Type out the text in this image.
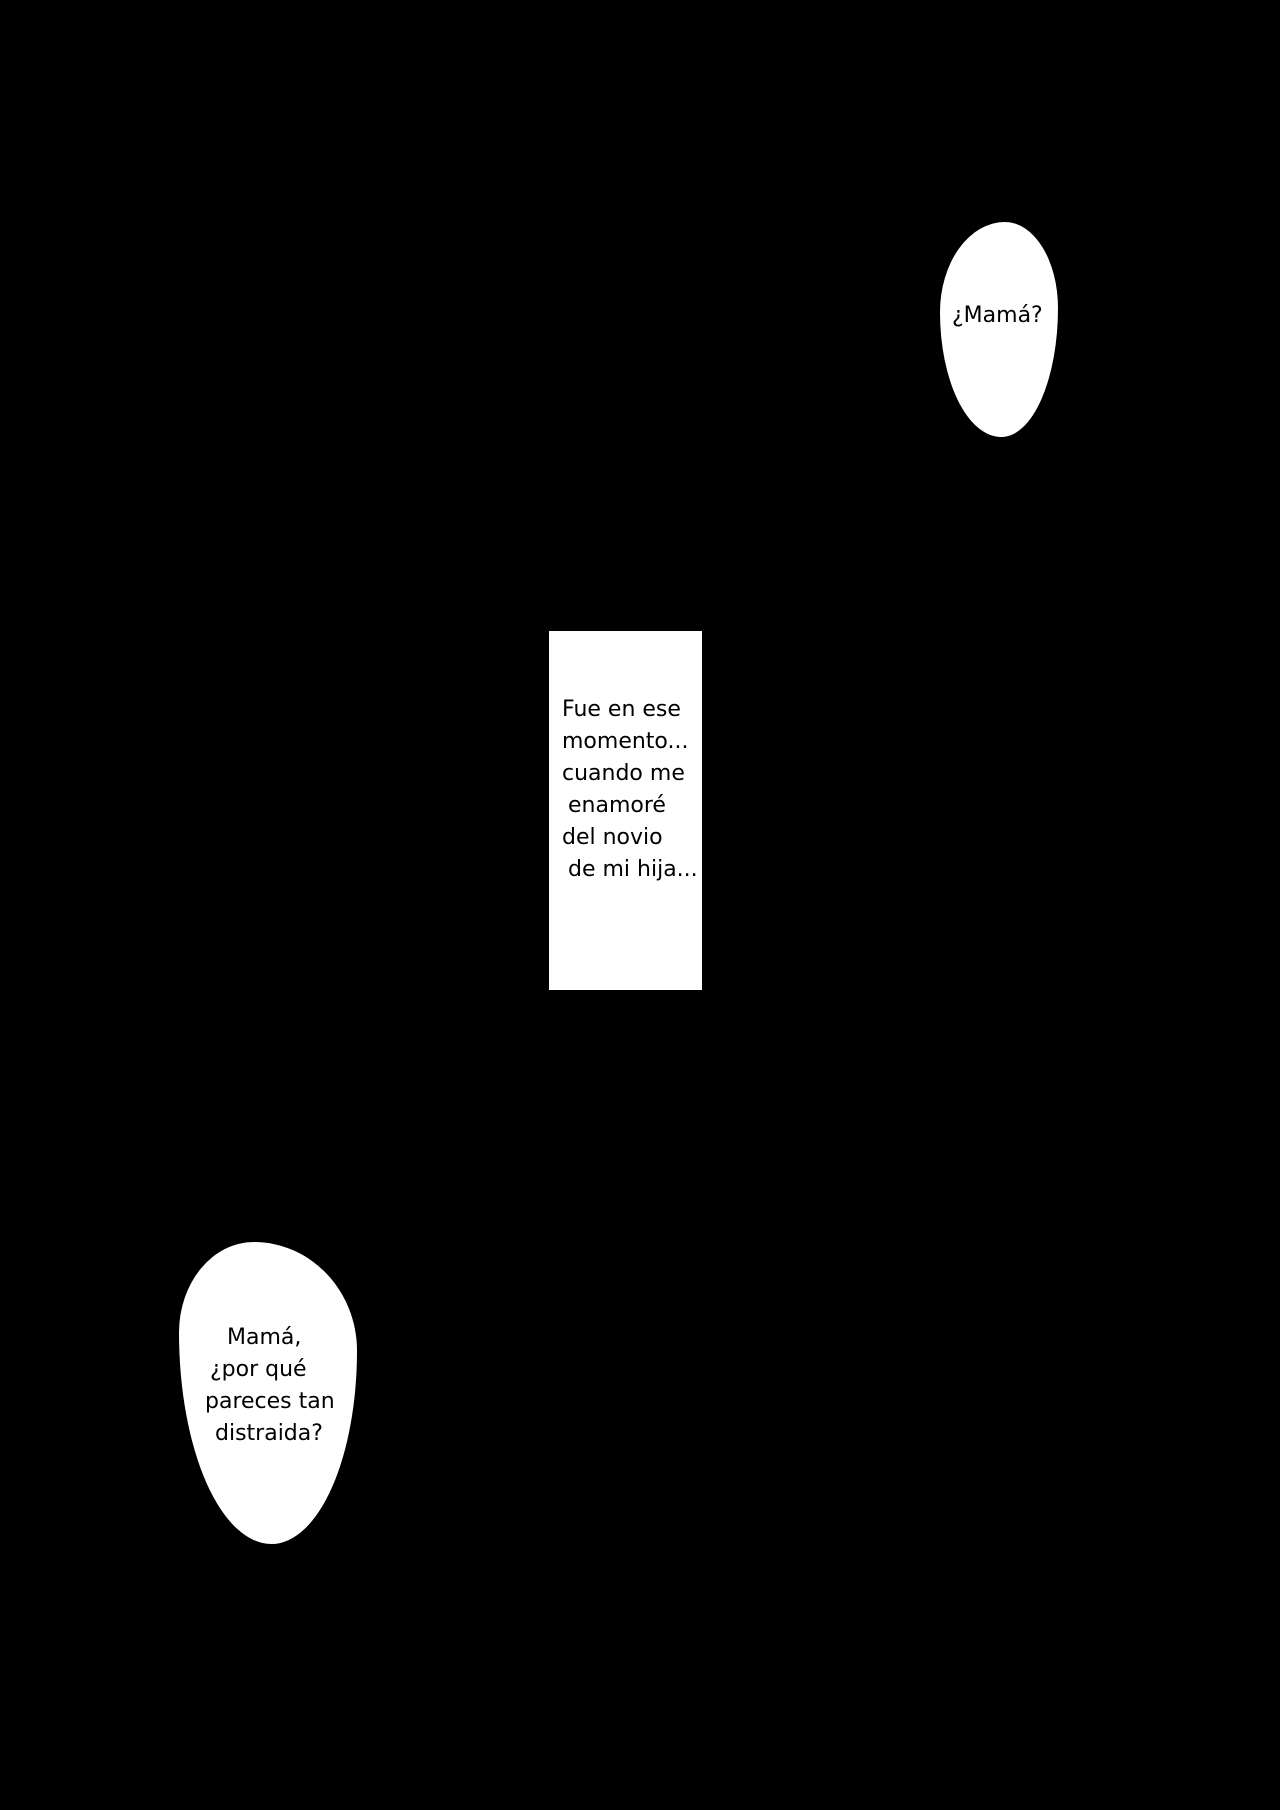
¿Mamá?
Fue en ese
momento...
cuando me
enamoré
del novio
de mi hija...
Mamá,
¿por qué
pareces tan
distraida?
